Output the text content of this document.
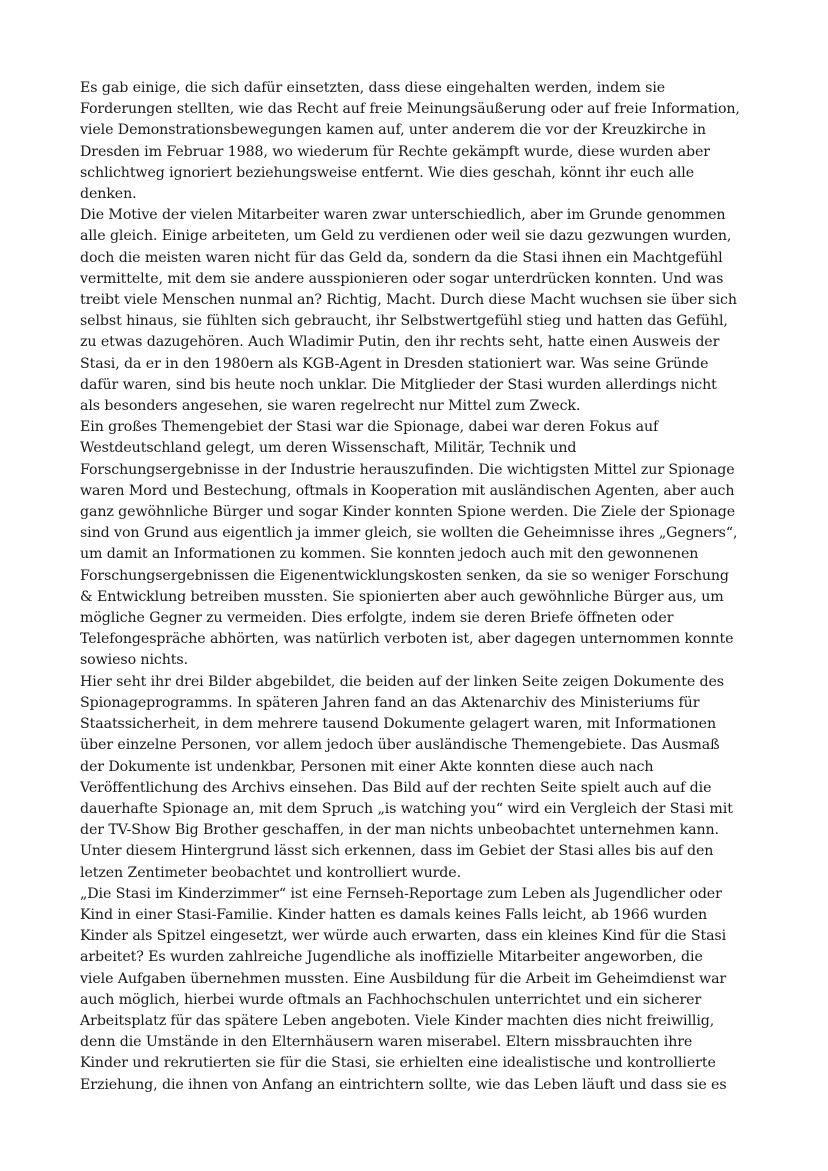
Es gab einige, die sich dafür einsetzten, dass diese eingehalten werden, indem sie Forderungen stellten, wie das Recht auf freie Meinungsäußerung oder auf freie Information, viele Demonstrationsbewegungen kamen auf, unter anderem die vor der Kreuzkirche in Dresden im Februar 1988, wo wiederum für Rechte gekämpft wurde, diese wurden aber schlichtweg ignoriert beziehungsweise entfernt. Wie dies geschah, könnt ihr euch alle denken.

Die Motive der vielen Mitarbeiter waren zwar unterschiedlich, aber im Grunde genommen alle gleich. Einige arbeiteten, um Geld zu verdienen oder weil sie dazu gezwungen wurden, doch die meisten waren nicht für das Geld da, sondern da die Stasi ihnen ein Machtgefühl vermittelte, mit dem sie andere ausspionieren oder sogar unterdrücken konnten. Und was treibt viele Menschen nunmal an? Richtig, Macht. Durch diese Macht wuchsen sie über sich selbst hinaus, sie fühlten sich gebraucht, ihr Selbstwertgefühl stieg und hatten das Gefühl, zu etwas dazugehören. Auch Wladimir Putin, den ihr rechts seht, hatte einen Ausweis der Stasi, da er in den 1980ern als KGB-Agent in Dresden stationiert war. Was seine Gründe dafür waren, sind bis heute noch unklar. Die Mitglieder der Stasi wurden allerdings nicht als besonders angesehen, sie waren regelrecht nur Mittel zum Zweck.

Ein großes Themengebiet der Stasi war die Spionage, dabei war deren Fokus auf Westdeutschland gelegt, um deren Wissenschaft, Militär, Technik und Forschungsergebnisse in der Industrie herauszufinden. Die wichtigsten Mittel zur Spionage waren Mord und Bestechung, oftmals in Kooperation mit ausländischen Agenten, aber auch ganz gewöhnliche Bürger und sogar Kinder konnten Spione werden. Die Ziele der Spionage sind von Grund aus eigentlich ja immer gleich, sie wollten die Geheimnisse ihres „Gegners“, um damit an Informationen zu kommen. Sie konnten jedoch auch mit den gewonnenen Forschungsergebnissen die Eigenentwicklungskosten senken, da sie so weniger Forschung & Entwicklung betreiben mussten. Sie spionierten aber auch gewöhnliche Bürger aus, um mögliche Gegner zu vermeiden. Dies erfolgte, indem sie deren Briefe öffneten oder Telefongespräche abhörten, was natürlich verboten ist, aber dagegen unternommen konnte sowieso nichts.

Hier seht ihr drei Bilder abgebildet, die beiden auf der linken Seite zeigen Dokumente des Spionageprogramms. In späteren Jahren fand an das Aktenarchiv des Ministeriums für Staatssicherheit, in dem mehrere tausend Dokumente gelagert waren, mit Informationen über einzelne Personen, vor allem jedoch über ausländische Themengebiete. Das Ausmaß der Dokumente ist undenkbar, Personen mit einer Akte konnten diese auch nach Veröffentlichung des Archivs einsehen. Das Bild auf der rechten Seite spielt auch auf die dauerhafte Spionage an, mit dem Spruch „is watching you“ wird ein Vergleich der Stasi mit der TV-Show Big Brother geschaffen, in der man nichts unbeobachtet unternehmen kann. Unter diesem Hintergrund lässt sich erkennen, dass im Gebiet der Stasi alles bis auf den letzen Zentimeter beobachtet und kontrolliert wurde.

„Die Stasi im Kinderzimmer“ ist eine Fernseh-Reportage zum Leben als Jugendlicher oder Kind in einer Stasi-Familie. Kinder hatten es damals keines Falls leicht, ab 1966 wurden Kinder als Spitzel eingesetzt, wer würde auch erwarten, dass ein kleines Kind für die Stasi arbeitet? Es wurden zahlreiche Jugendliche als inoffizielle Mitarbeiter angeworben, die viele Aufgaben übernehmen mussten. Eine Ausbildung für die Arbeit im Geheimdienst war auch möglich, hierbei wurde oftmals an Fachhochschulen unterrichtet und ein sicherer Arbeitsplatz für das spätere Leben angeboten. Viele Kinder machten dies nicht freiwillig, denn die Umstände in den Elternhäusern waren miserabel. Eltern missbrauchten ihre Kinder und rekrutierten sie für die Stasi, sie erhielten eine idealistische und kontrollierte Erziehung, die ihnen von Anfang an eintrichtern sollte, wie das Leben läuft und dass sie es
